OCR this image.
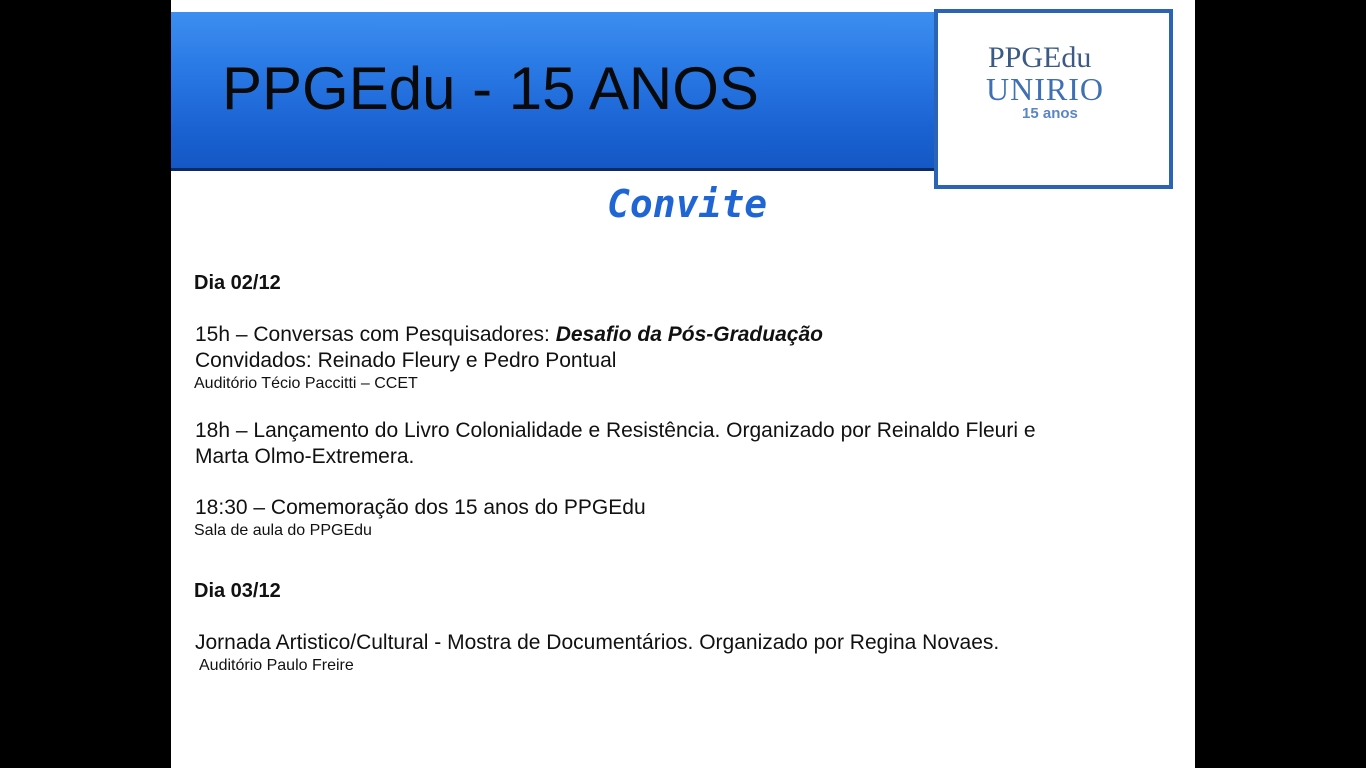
PPGEdu - 15 ANOS	PPGEdu
UNIRIO
15 anos
Convite
Dia 02/12
15h – Conversas com Pesquisadores: Desafio da Pós-Graduação
Convidados: Reinado Fleury e Pedro Pontual
Auditório Técio Paccitti – CCET
18h – Lançamento do Livro Colonialidade e Resistência. Organizado por Reinaldo Fleuri e
Marta Olmo-Extremera.
18:30 – Comemoração dos 15 anos do PPGEdu
Sala de aula do PPGEdu
Dia 03/12
Jornada Artistico/Cultural - Mostra de Documentários. Organizado por Regina Novaes.
Auditório Paulo Freire
